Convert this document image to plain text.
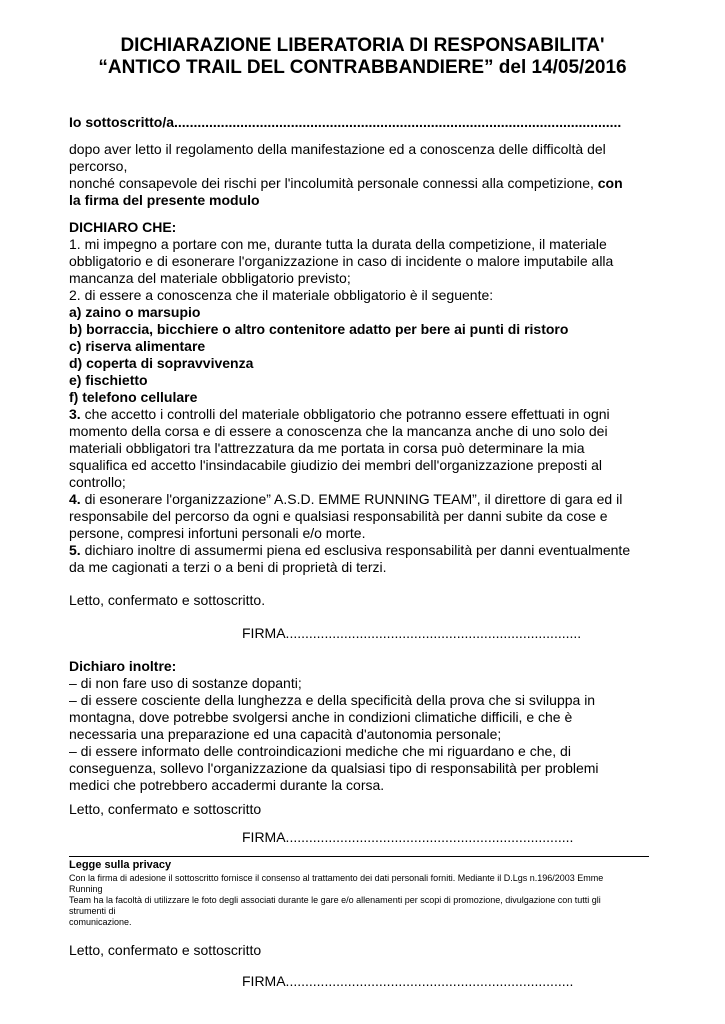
DICHIARAZIONE LIBERATORIA DI RESPONSABILITA'
“ANTICO TRAIL DEL CONTRABBANDIERE” del 14/05/2016
Io sottoscritto/a...................................................................................................................
dopo aver letto il regolamento della manifestazione ed a conoscenza delle difficoltà del
percorso,
nonché consapevole dei rischi per l'incolumità personale connessi alla competizione, con
la firma del presente modulo
DICHIARO CHE:
1. mi impegno a portare con me, durante tutta la durata della competizione, il materiale
obbligatorio e di esonerare l'organizzazione in caso di incidente o malore imputabile alla
mancanza del materiale obbligatorio previsto;
2. di essere a conoscenza che il materiale obbligatorio è il seguente:
a) zaino o marsupio
b) borraccia, bicchiere o altro contenitore adatto per bere ai punti di ristoro
c) riserva alimentare
d) coperta di sopravvivenza
e) fischietto
f) telefono cellulare
3. che accetto i controlli del materiale obbligatorio che potranno essere effettuati in ogni
momento della corsa e di essere a conoscenza che la mancanza anche di uno solo dei
materiali obbligatori tra l'attrezzatura da me portata in corsa può determinare la mia
squalifica ed accetto l'insindacabile giudizio dei membri dell'organizzazione preposti al
controllo;
4. di esonerare l'organizzazione” A.S.D. EMME RUNNING TEAM”, il direttore di gara ed il
responsabile del percorso da ogni e qualsiasi responsabilità per danni subite da cose e
persone, compresi infortuni personali e/o morte.
5. dichiaro inoltre di assumermi piena ed esclusiva responsabilità per danni eventualmente
da me cagionati a terzi o a beni di proprietà di terzi.
Letto, confermato e sottoscritto.
FIRMA............................................................................
Dichiaro inoltre:
– di non fare uso di sostanze dopanti;
– di essere cosciente della lunghezza e della specificità della prova che si sviluppa in
montagna, dove potrebbe svolgersi anche in condizioni climatiche difficili, e che è
necessaria una preparazione ed una capacità d'autonomia personale;
– di essere informato delle controindicazioni mediche che mi riguardano e che, di
conseguenza, sollevo l'organizzazione da qualsiasi tipo di responsabilità per problemi
medici che potrebbero accadermi durante la corsa.
Letto, confermato e sottoscritto
FIRMA..........................................................................
Legge sulla privacy
Con la firma di adesione il sottoscritto fornisce il consenso al trattamento dei dati personali forniti. Mediante il D.Lgs n.196/2003 Emme
Running
Team ha la facoltà di utilizzare le foto degli associati durante le gare e/o allenamenti per scopi di promozione, divulgazione con tutti gli
strumenti di
comunicazione.
Letto, confermato e sottoscritto
FIRMA..........................................................................
